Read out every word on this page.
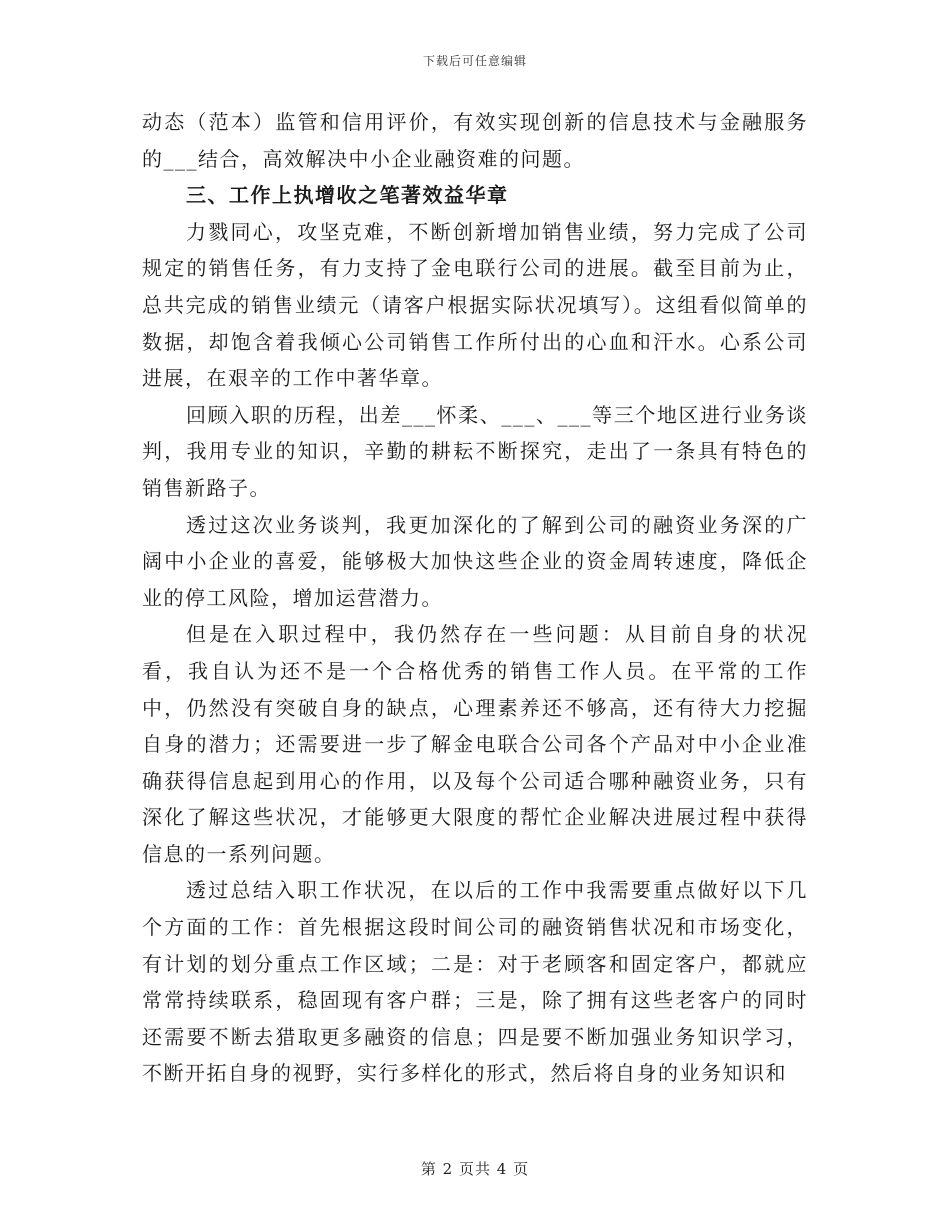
下载后可任意编辑

动态（范本）监管和信用评价，有效实现创新的信息技术与金融服务的___结合，高效解决中小企业融资难的问题。

三、工作上执增收之笔著效益华章

力戮同心，攻坚克难，不断创新增加销售业绩，努力完成了公司规定的销售任务，有力支持了金电联行公司的进展。截至目前为止，总共完成的销售业绩元（请客户根据实际状况填写）。这组看似简单的数据，却饱含着我倾心公司销售工作所付出的心血和汗水。心系公司进展，在艰辛的工作中著华章。

回顾入职的历程，出差___怀柔、___、___等三个地区进行业务谈判，我用专业的知识，辛勤的耕耘不断探究，走出了一条具有特色的销售新路子。

透过这次业务谈判，我更加深化的了解到公司的融资业务深的广阔中小企业的喜爱，能够极大加快这些企业的资金周转速度，降低企业的停工风险，增加运营潜力。

但是在入职过程中，我仍然存在一些问题：从目前自身的状况看，我自认为还不是一个合格优秀的销售工作人员。在平常的工作中，仍然没有突破自身的缺点，心理素养还不够高，还有待大力挖掘自身的潜力；还需要进一步了解金电联合公司各个产品对中小企业准确获得信息起到用心的作用，以及每个公司适合哪种融资业务，只有深化了解这些状况，才能够更大限度的帮忙企业解决进展过程中获得信息的一系列问题。

透过总结入职工作状况，在以后的工作中我需要重点做好以下几个方面的工作：首先根据这段时间公司的融资销售状况和市场变化，有计划的划分重点工作区域；二是：对于老顾客和固定客户，都就应常常持续联系，稳固现有客户群；三是，除了拥有这些老客户的同时还需要不断去猎取更多融资的信息；四是要不断加强业务知识学习，不断开拓自身的视野，实行多样化的形式，然后将自身的业务知识和

第 2 页共 4 页
